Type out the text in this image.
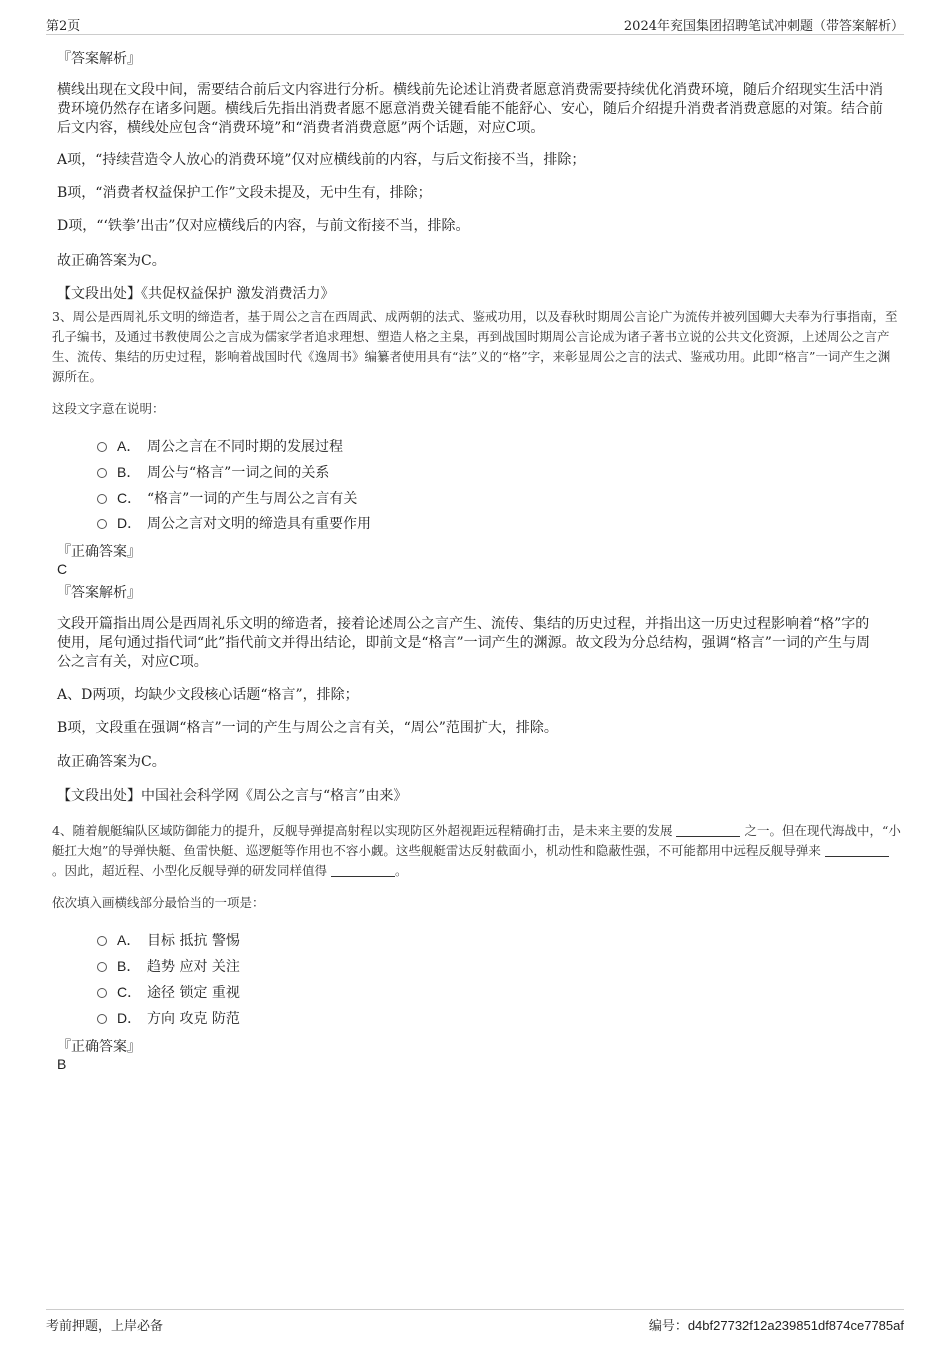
第2页	2024年兖国集团招聘笔试冲刺题（带答案解析）
『答案解析』
横线出现在文段中间，需要结合前后文内容进行分析。横线前先论述让消费者愿意消费需要持续优化消费环境，随后介绍现实生活中消费环境仍然存在诸多问题。横线后先指出消费者愿不愿意消费关键看能不能舒心、安心，随后介绍提升消费者消费意愿的对策。结合前后文内容，横线处应包含“消费环境”和“消费者消费意愿”两个话题，对应C项。
A项，“持续营造令人放心的消费环境”仅对应横线前的内容，与后文衔接不当，排除；
B项，“消费者权益保护工作”文段未提及，无中生有，排除；
D项，“‘铁拳’出击”仅对应横线后的内容，与前文衔接不当，排除。
故正确答案为C。
【文段出处】《共促权益保护 激发消费活力》
3、周公是西周礼乐文明的缔造者，基于周公之言在西周武、成两朝的法式、鉴戒功用，以及春秋时期周公言论广为流传并被列国卿大夫奉为行事指南，至孔子编书，及通过书教使周公之言成为儒家学者追求理想、塑造人格之主臬，再到战国时期周公言论成为诸子著书立说的公共文化资源，上述周公之言产生、流传、集结的历史过程，影响着战国时代《逸周书》编纂者使用具有“法”义的“格”字，来彰显周公之言的法式、鉴戒功用。此即“格言”一词产生之渊源所在。
这段文字意在说明：
A． 周公之言在不同时期的发展过程
B． 周公与“格言”一词之间的关系
C． “格言”一词的产生与周公之言有关
D． 周公之言对文明的缔造具有重要作用
『正确答案』
C
『答案解析』
文段开篇指出周公是西周礼乐文明的缔造者，接着论述周公之言产生、流传、集结的历史过程，并指出这一历史过程影响着“格”字的使用，尾句通过指代词“此”指代前文并得出结论，即前文是“格言”一词产生的渊源。故文段为分总结构，强调“格言”一词的产生与周公之言有关，对应C项。
A、D两项，均缺少文段核心话题“格言”，排除；
B项，文段重在强调“格言”一词的产生与周公之言有关，“周公”范围扩大，排除。
故正确答案为C。
【文段出处】中国社会科学网《周公之言与“格言”由来》
4、随着舰艇编队区域防御能力的提升，反舰导弹提高射程以实现防区外超视距远程精确打击，是未来主要的发展	之一。但在现代海战中，“小艇扛大炮”的导弹快艇、鱼雷快艇、巡逻艇等作用也不容小觑。这些舰艇雷达反射截面小，机动性和隐蔽性强，不可能都用中远程反舰导弹来  。因此，超近程、小型化反舰导弹的研发同样值得	。
依次填入画横线部分最恰当的一项是：
A． 目标 抵抗 警惕
B． 趋势 应对 关注
C． 途径 锁定 重视
D． 方向 攻克 防范
『正确答案』
B
考前押题，上岸必备	编号：d4bf27732f12a239851df874ce7785af
